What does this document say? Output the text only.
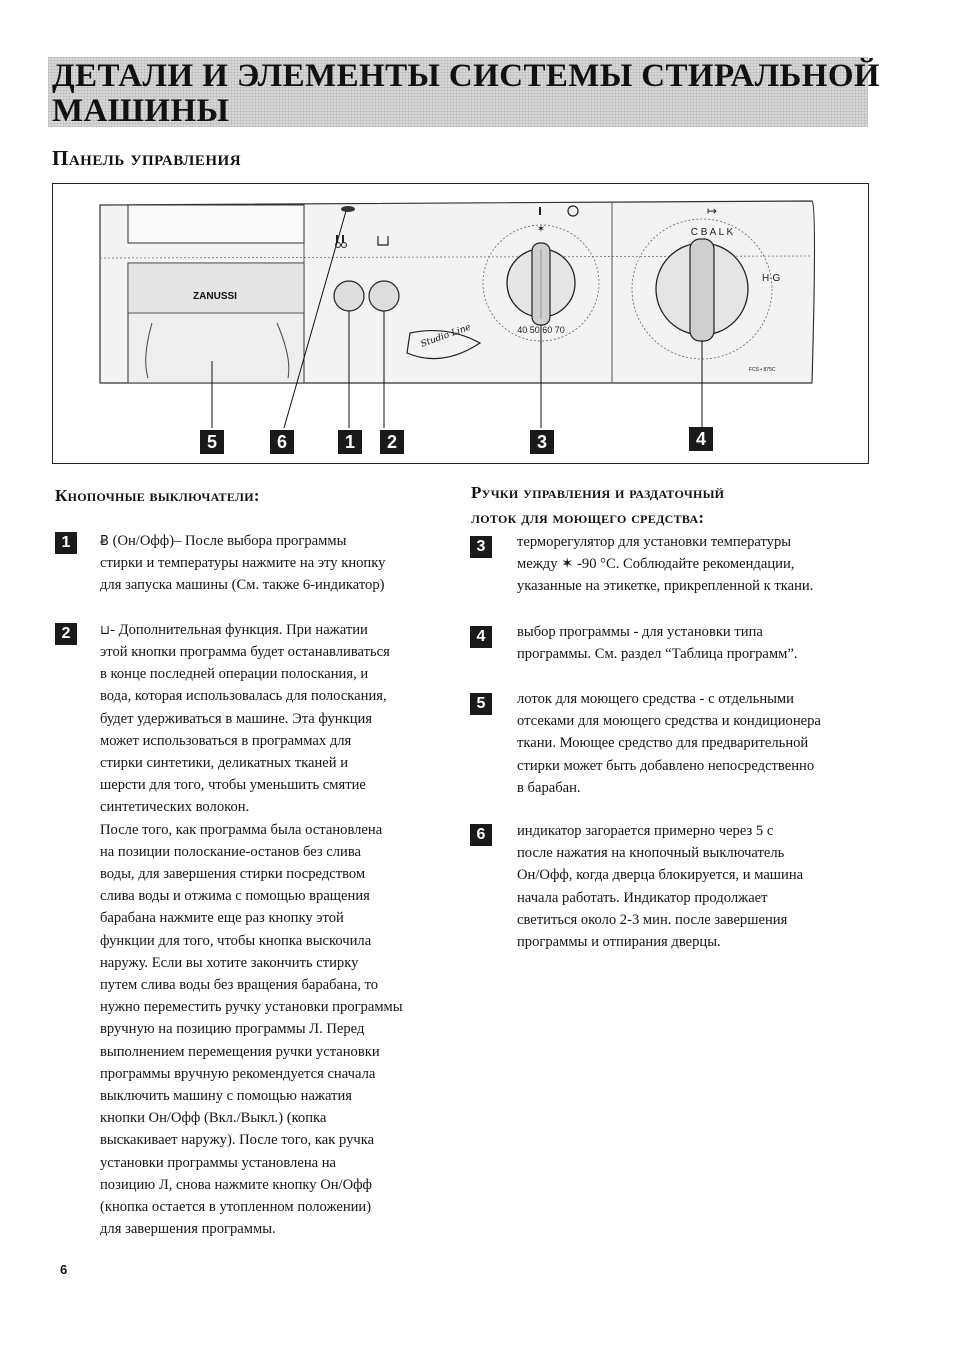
ДЕТАЛИ И ЭЛЕМЕНТЫ СИСТЕМЫ СТИРАЛЬНОЙ
МАШИНЫ
Панель управления
ZANUSSI
Studio Line	40 50 60 70
✶	C B A L K
H·G
↦
FCS • 875C
5	6	1	2	3	4
Кнопочные выключатели:
1	Ƀ (Он/Офф)– После выбора программы
стирки и температуры нажмите на эту кнопку
для запуска машины (См. также 6-индикатор)
2	⊔- Дополнительная функция. При нажатии
этой кнопки программа будет останавливаться
в конце последней операции полоскания, и
вода, которая использовалась для полоскания,
будет удерживаться в машине. Эта функция
может использоваться в программах для
стирки синтетики, деликатных тканей и
шерсти для того, чтобы уменьшить смятие
синтетических волокон.
После того, как программа была остановлена
на позиции полоскание-остaнов без слива
воды, для завершения стирки посредством
слива воды и отжима с помощью вращения
барабана нажмите еще раз кнопку этой
функции для того, чтобы кнопка выскочила
наружу. Если вы хотите закончить стирку
путем слива воды без вращения барабана, то
нужно переместить ручку установки программы
вручную на позицию программы Л. Перед
выполнением перемещения ручки установки
программы вручную рекомендуется сначала
выключить машину с помощью нажатия
кнопки Он/Офф (Вкл./Выкл.) (копка
выскакивает наружу). После того, как ручка
установки программы установлена на
позицию Л, снова нажмите кнопку Он/Офф
(кнопка остается в утопленном положении)
для завершения программы.
Ручки управления и раздаточный
лоток для моющего средства:
3
4
5
6
терморегулятор для установки температуры
между ✶ -90 °С. Соблюдайте рекомендации,
указанные на этикетке, прикрепленной к ткани.
выбор программы - для установки типа
программы. См. раздел “Таблица программ”.
лоток для моющего средства - с отдельными
отсеками для моющего средства и кондиционера
ткани. Моющее средство для предварительной
стирки может быть добавлено непосредственно
в барабан.
индикатор загорается примерно через 5 с
после нажатия на кнопочный выключатель
Он/Офф, когда дверца блокируется, и машина
начала работать. Индикатор продолжает
светиться около 2-3 мин. после завершения
программы и отпирания дверцы.
6
